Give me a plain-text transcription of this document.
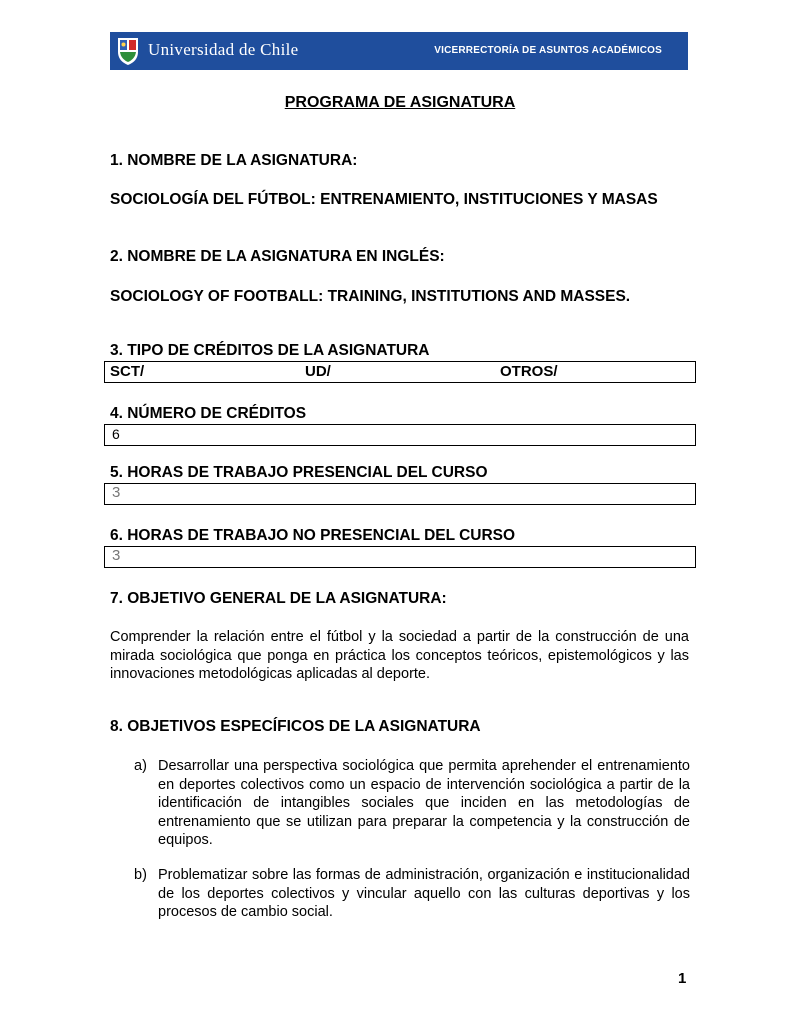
Universidad de Chile	VICERRECTORÍA DE ASUNTOS ACADÉMICOS
PROGRAMA DE ASIGNATURA

1. NOMBRE DE LA ASIGNATURA:

SOCIOLOGÍA DEL FÚTBOL: ENTRENAMIENTO, INSTITUCIONES Y MASAS

2. NOMBRE DE LA ASIGNATURA EN INGLÉS:

SOCIOLOGY OF FOOTBALL: TRAINING, INSTITUTIONS AND MASSES.

3. TIPO DE CRÉDITOS DE LA ASIGNATURA

SCT/	UD/	OTROS/

4. NÚMERO DE CRÉDITOS

6

5. HORAS DE TRABAJO PRESENCIAL DEL CURSO

3

6. HORAS DE TRABAJO NO PRESENCIAL DEL CURSO

3

7. OBJETIVO GENERAL DE LA ASIGNATURA:

Comprender la relación entre el fútbol y la sociedad a partir de la construcción de una mirada sociológica que ponga en práctica los conceptos teóricos, epistemológicos y las innovaciones metodológicas aplicadas al deporte.

8. OBJETIVOS ESPECÍFICOS DE LA ASIGNATURA

a) Desarrollar una perspectiva sociológica que permita aprehender el entrenamiento en deportes colectivos como un espacio de intervención sociológica a partir de la identificación de intangibles sociales que inciden en las metodologías de entrenamiento que se utilizan para preparar la competencia y la construcción de equipos.
b) Problematizar sobre las formas de administración, organización e institucionalidad de los deportes colectivos y vincular aquello con las culturas deportivas y los procesos de cambio social.
1
